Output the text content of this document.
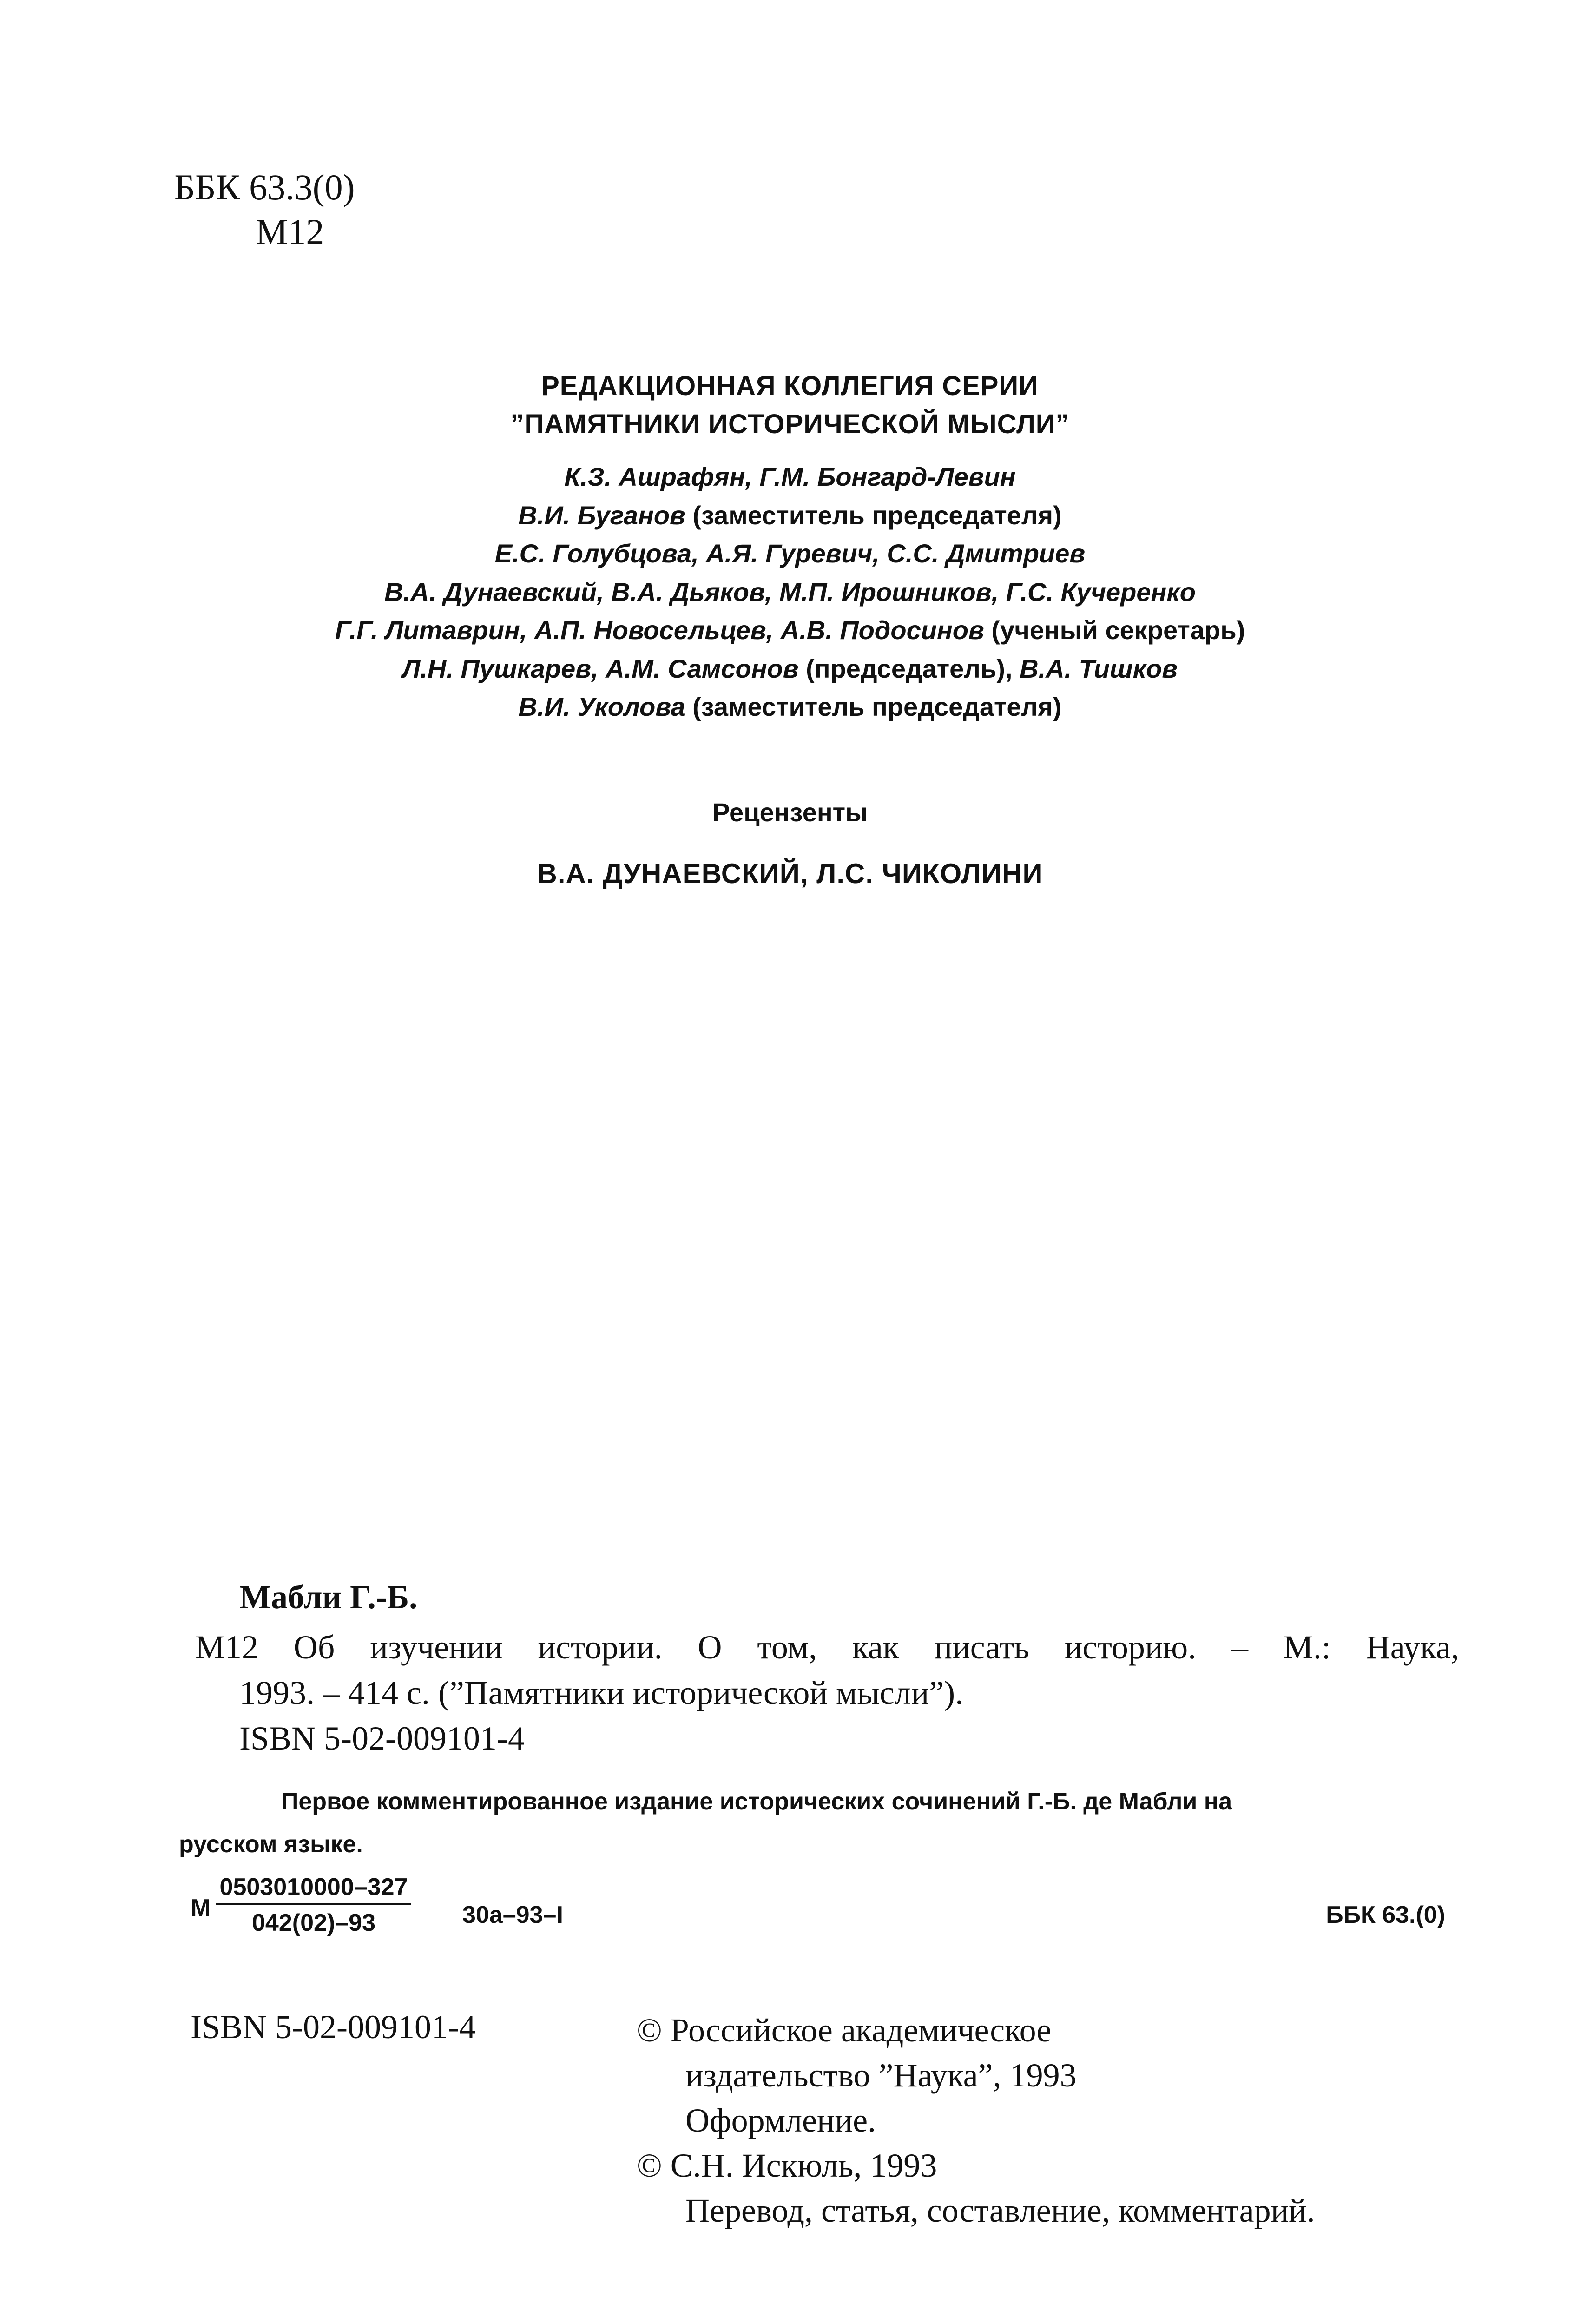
ББК 63.3(0)
М12
РЕДАКЦИОННАЯ КОЛЛЕГИЯ СЕРИИ
”ПАМЯТНИКИ ИСТОРИЧЕСКОЙ МЫСЛИ”
К.З. Ашрафян, Г.М. Бонгард-Левин
В.И. Буганов (заместитель председателя)
Е.С. Голубцова, А.Я. Гуревич, С.С. Дмитриев
В.А. Дунаевский, В.А. Дьяков, М.П. Ирошников, Г.С. Кучеренко
Г.Г. Литаврин, А.П. Новосельцев, А.В. Подосинов (ученый секретарь)
Л.Н. Пушкарев, А.М. Самсонов (председатель), В.А. Тишков
В.И. Уколова (заместитель председателя)
Рецензенты
В.А. ДУНАЕВСКИЙ, Л.С. ЧИКОЛИНИ
Мабли Г.-Б.
М12 Об изучении истории. О том, как писать историю. – М.: Наука,
1993. – 414 с. (”Памятники исторической мысли”).
ISBN 5-02-009101-4
Первое комментированное издание исторических сочинений Г.-Б. де Мабли на
русском языке.
М $\frac{0503010000-327}{042(02)-93} 30а-93-I$	ББК 63.(0)
ISBN 5-02-009101-4	© Российское академическое
издательство ”Наука”, 1993
Оформление.
© С.Н. Искюль, 1993
Перевод, статья, составление, комментарий.
